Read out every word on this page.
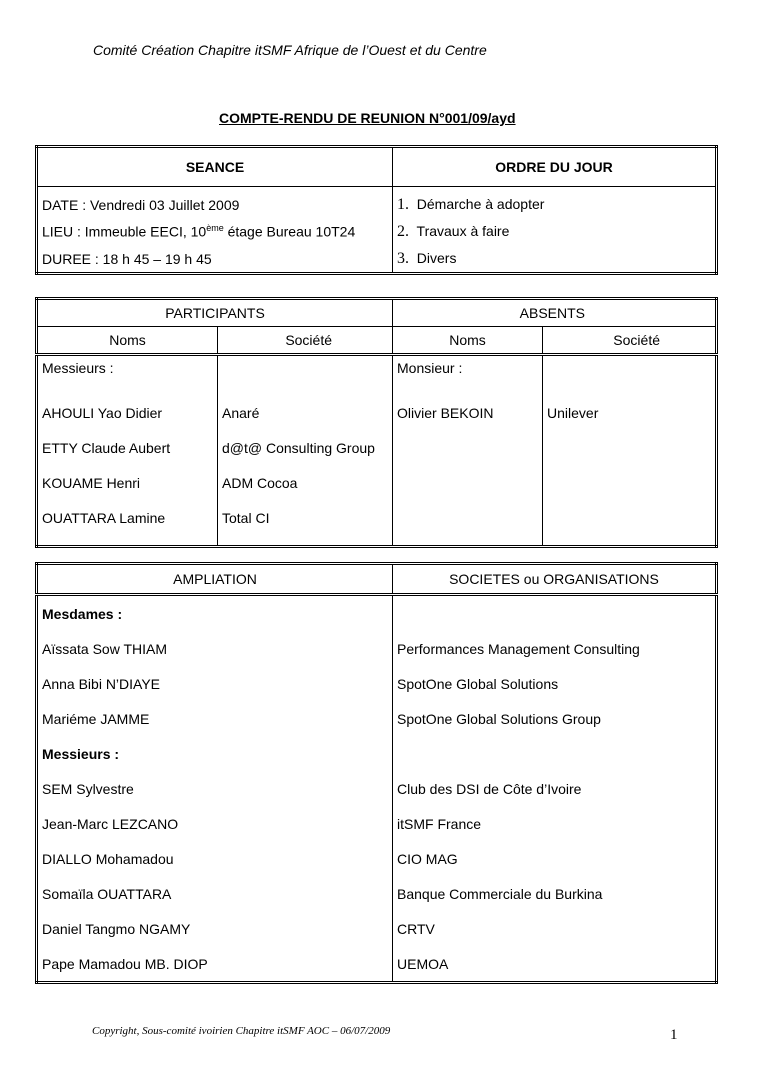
Comité Création Chapitre itSMF Afrique de l’Ouest et du Centre
COMPTE-RENDU DE REUNION N°001/09/ayd
SEANCE	ORDRE DU JOUR
DATE : Vendredi 03 Juillet 2009	1. Démarche à adopter
LIEU : Immeuble EECI, 10ème étage Bureau 10T24	2. Travaux à faire
DUREE : 18 h 45 – 19 h 45	3. Divers
PARTICIPANTS		ABSENTS	
Noms	Société	Noms	Société
Messieurs :		Monsieur :	
AHOULI Yao Didier	Anaré	Olivier BEKOIN	Unilever
ETTY Claude Aubert	d@t@ Consulting Group		
KOUAME Henri	ADM Cocoa		
OUATTARA Lamine	Total CI		

AMPLIATION	SOCIETES ou ORGANISATIONS
Mesdames :	
Aïssata Sow THIAM	Performances Management Consulting
Anna Bibi N’DIAYE	SpotOne Global Solutions
Mariéme JAMME	SpotOne Global Solutions Group
Messieurs :	
SEM Sylvestre	Club des DSI de Côte d’Ivoire
Jean-Marc LEZCANO	itSMF France
DIALLO Mohamadou	CIO MAG
Somaïla OUATTARA	Banque Commerciale du Burkina
Daniel Tangmo NGAMY	CRTV
Pape Mamadou MB. DIOP	UEMOA
Copyright, Sous-comité ivoirien Chapitre itSMF AOC – 06/07/2009	1
